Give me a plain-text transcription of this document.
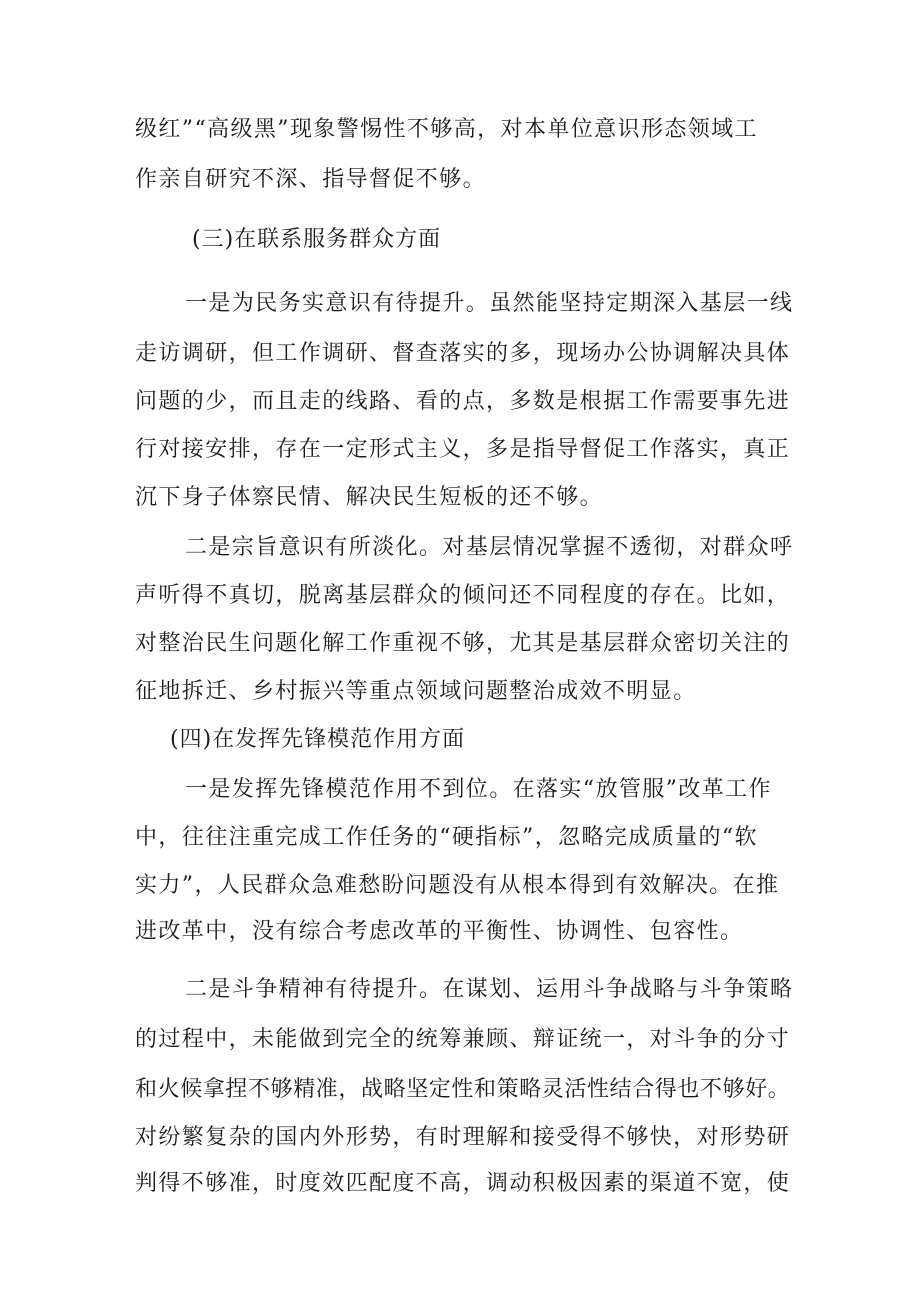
级红”“高级黑”现象警惕性不够高，对本单位意识形态领域工
作亲自研究不深、指导督促不够。
(三)在联系服务群众方面
一是为民务实意识有待提升。虽然能坚持定期深入基层一线
走访调研，但工作调研、督查落实的多，现场办公协调解决具体
问题的少，而且走的线路、看的点，多数是根据工作需要事先进
行对接安排，存在一定形式主义，多是指导督促工作落实，真正
沉下身子体察民情、解决民生短板的还不够。
二是宗旨意识有所淡化。对基层情况掌握不透彻，对群众呼
声听得不真切，脱离基层群众的倾问还不同程度的存在。比如，
对整治民生问题化解工作重视不够，尤其是基层群众密切关注的
征地拆迁、乡村振兴等重点领域问题整治成效不明显。
(四)在发挥先锋模范作用方面
一是发挥先锋模范作用不到位。在落实“放管服”改革工作
中，往往注重完成工作任务的“硬指标”，忽略完成质量的“软
实力”，人民群众急难愁盼问题没有从根本得到有效解决。在推
进改革中，没有综合考虑改革的平衡性、协调性、包容性。
二是斗争精神有待提升。在谋划、运用斗争战略与斗争策略
的过程中，未能做到完全的统筹兼顾、辩证统一，对斗争的分寸
和火候拿捏不够精准，战略坚定性和策略灵活性结合得也不够好。
对纷繁复杂的国内外形势，有时理解和接受得不够快，对形势研
判得不够准，时度效匹配度不高，调动积极因素的渠道不宽，使
